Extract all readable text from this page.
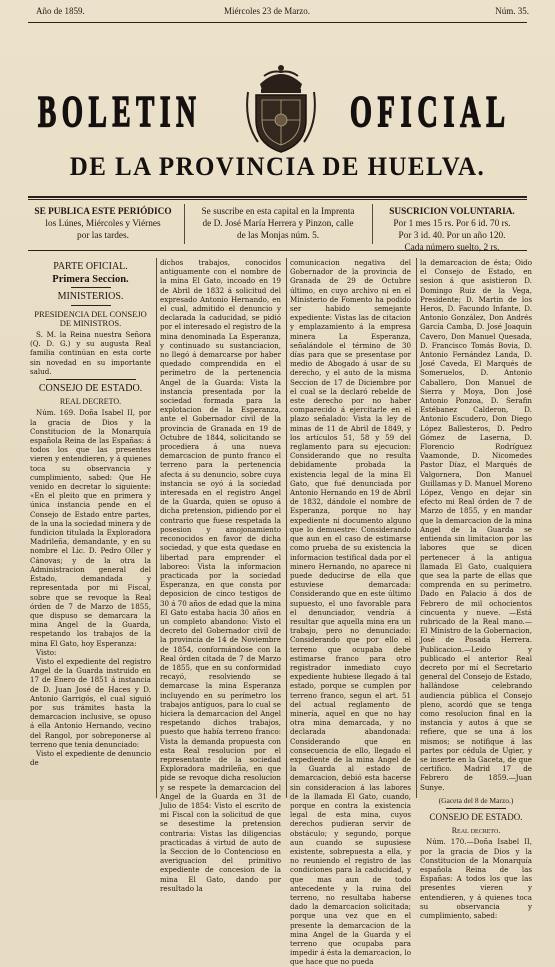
Año de 1859.	Miércoles 23 de Marzo.	Núm. 35.
BOLETIN	OFICIAL
DE LA PROVINCIA DE HUELVA.
SE PUBLICA ESTE PERIÓDICO
los Lúnes, Miércoles y Viérnes
por las tardes.
Se suscribe en esta capital en la Imprenta
de D. José María Herrera y Pinzon, calle
de las Monjas núm. 5.
SUSCRICION VOLUNTARIA.
Por 1 mes 15 rs. Por 6 id. 70 rs.
Por 3 id. 40. Por un año 120.
Cada número suelto, 2 rs.
PARTE OFICIAL.
Primera Seccion.
MINISTERIOS.
PRESIDENCIA DEL CONSEJO DE MINISTROS.

S. M. la Reina nuestra Señora (Q. D. G.) y su augusta Real familia continúan en esta corte sin novedad en su importante salud.

CONSEJO DE ESTADO.
REAL DECRETO.

Núm. 169. Doña Isabel II, por la gracia de Dios y la Constitucion de la Monarquía española Reina de las Españas: á todos los que las presentes vieren y entendieren, y á quienes toca su observancia y cumplimiento, sabed: Que He venido en decretar lo siguiente: «En el pleito que en primera y única instancia pende en el Consejo de Estado entre partes, de la una la sociedad minera y de fundicion titulada la Exploradora Madrileña, demandante, y en su nombre el Lic. D. Pedro Oller y Cánovas; y de la otra la Administracion general del Estado, demandada y representada por mi Fiscal, sobre que se revoque la Real órden de 7 de Marzo de 1855, que dispuso se demarcara la mina Angel de la Guarda, respetando los trabajos de la mina El Gato, hoy Esperanza:

Visto:

Visto el expediente del registro Angel de la Guarda instruido en 17 de Enero de 1851 á instancia de D. Juan José de Haces y D. Antonio Garrigós, el cual siguió por sus trámites hasta la demarcacion inclusive, se opuso á ella Antonio Hernando, vecino del Rangol, por sobreponerse al terreno que tenia denunciado:

Visto el expediente de denuncio de

dichos trabajos, conocidos antiguamente con el nombre de la mina El Gato, incoado en 19 de Abril de 1832 á solicitud del expresado Antonio Hernando, en el cual, admitido el denuncio y declarada la caducidad, se pidió por el interesado el registro de la mina denominada La Esperanza, y continuado su sustanciacion, no llegó á demarcarse por haber quedado comprendida en el perímetro de la pertenencia Angel de la Guarda: Vista la instancia presentada por la sociedad formada para la explotacion de la Esperanza, ante el Gobernador civil de la provincia de Granada en 19 de Octubre de 1844, solicitando se procediera á una nueva demarcacion de punto franco el terreno para la pertenencia afecta á su denuncio, sobre cuya instancia se oyó á la sociedad interesada en el registro Angel de la Guarda, quien se opuso á dicha pretension, pidiendo por el contrario que fuese respetada la posesion y amojonamiento reconocidos en favor de dicha sociedad, y que esta quedase en libertad para emprender el laboreo: Vista la informacion practicada por la sociedad Esperanza, en que consta por deposicion de cinco testigos de 30 á 70 años de edad que la mina El Gato estaba hacia 30 años en un completo abandono: Visto el decreto del Gobernador civil de la provincia de 14 de Noviembre de 1854, conformándose con la Real órden citada de 7 de Marzo de 1855, que en su conformidad recayó, resolviendo se demarcase la mina Esperanza incluyendo en su perímetro los trabajos antiguos, para lo cual se hiciera la demarcacion del Angel respetando dichos trabajos, puesto que había terreno franco: Vista la demanda propuesta con esta Real resolucion por el representante de la sociedad Exploradora madrileña, en que pide se revoque dicha resolucion y se respete la demarcacion del Angel de la Guarda en 31 de Julio de 1854: Visto el escrito de mi Fiscal con la solicitud de que se desestime la pretension contraria: Vistas las diligencias practicadas á virtud de auto de la Seccion de lo Contencioso en averiguacion del primitivo expediente de concesion de la mina El Gato, dando por resultado la

comunicacion negativa del Gobernador de la provincia de Granada de 29 de Octubre último, en cuyo archivo ni en el Ministerio de Fomento ha podido ser habido semejante expediente: Vistas las de citacion y emplazamiento á la empresa minera La Esperanza, señalándole el término de 30 días para que se presentase por medio de Abogado á usar de su derecho, y el auto de la misma Seccion de 17 de Diciembre por el cual se la declaró rebelde de este derecho por no haber comparecido á ejercitarle en el plazo señalado: Vista la ley de minas de 11 de Abril de 1849, y los artículos 51, 58 y 59 del reglamento para su ejecucion: Considerando que no resulta debidamente probada la existencia legal de la mina El Gato, que fué denunciada por Antonio Hernando en 19 de Abril de 1832, dándole el nombre de Esperanza, porque no hay expediente ni documento alguno que lo demuestre: Considerando que aun en el caso de estimarse como prueba de su existencia la informacion testifical dada por el minero Hernando, no aparece ni puede deducirse de ella que estuviese demarcada: Considerando que en este último supuesto, el uno favorable para el denunciador, vendría á resultar que aquella mina era un trabajo, pero no denunciado: Considerando que por ello el terreno que ocupaba debe estimarse franco para otro registrador inmediato cuyo expediente hubiese llegado á tal estado, porque se cumplen por terreno franco, segun el art. 51 del actual reglamento de minería, aquel en que no hay otra mina demarcada, y no declarada abandonada: Considerando que en consecuencia de ello, llegado el expediente de la mina Angel de la Guarda al estado de demarcacion, debió esta hacerse sin consideracion á las labores de la llamada El Gato, cuando, porque en contra la existencia legal de esta mina, cuyos derechos pudieran servir de obstáculo; y segundo, porque aun cuando se supusiese existente, sobrepuesta a ella, y no reuniendo el registro de las condiciones para la caducidad, y que mas aun de todo antecedente y la ruina del terreno, no resultaba haberse dado la demarcacion solicitada; porque una vez que en el presente la demarcacion de la mina Angel de la Guarda y el terreno que ocupaba para impedir á ésta la demarcacion, lo que hace que no pueda

la demarcacion de ésta; Oido el Consejo de Estado, en sesion á que asistieron D. Domingo Ruiz de la Vega, Presidente; D. Martin de los Heros, D. Facundo Infante, D. Antonio González, Don Andrés García Camba, D. José Joaquin Cavero, Don Manuel Quesada, D. Francisco Tomás Bovia, D. Antonio Fernández Landa, D. José Caveda, El Marqués de Someruelos, D. Antonio Caballero, Don Manuel de Sierra y Moya, Don José Antonio Ponzoa, D. Serafin Estébanez Calderon, D. Antonio Escudero, Don Diego López Ballesteros, D. Pedro Gómez de Laserna, D. Florencio Rodríguez Vaamonde, D. Nicomedes Pastor Díaz, el Marqués de Valgornera, Don Manuel Guillamas y D. Manuel Moreno López, Vengo en dejar sin efecto mi Real órden de 7 de Marzo de 1855, y en mandar que la demarcacion de la mina Angel de la Guarda se entienda sin limitacion por las labores que se dicen pertenecer á la antigua llamada El Gato, cualquiera que sea la parte de ellas que comprenda en su perímetro. Dado en Palacio á dos de Febrero de mil ochocientos cincuenta y nueve. —Está rubricado de la Real mano.— El Ministro de la Gobernacion, José de Posada Herrera. Publicacion.—Leido y publicado el anterior Real decreto por mí el Secretario general del Consejo de Estado, hallándose celebrando audiencia pública el Consejo pleno, acordó que se tenga como resolucion final en la instancia y autos á que se refiere, que se una á los mismos; se notifique á las partes por cédula de Ugier, y se inserte en la Gaceta, de que certifico. Madrid 17 de Febrero de 1859.—Juan Sunye.

(Gaceta del 8 de Marzo.)
CONSEJO DE ESTADO.
Real decreto.

Núm. 170.—Doña Isabel II, por la gracia de Dios y la Constitucion de la Monarquía española Reina de las Españas: A todos los que las presentes vieren y entendieren, y á quienes toca su observancia y cumplimiento, sabed:
